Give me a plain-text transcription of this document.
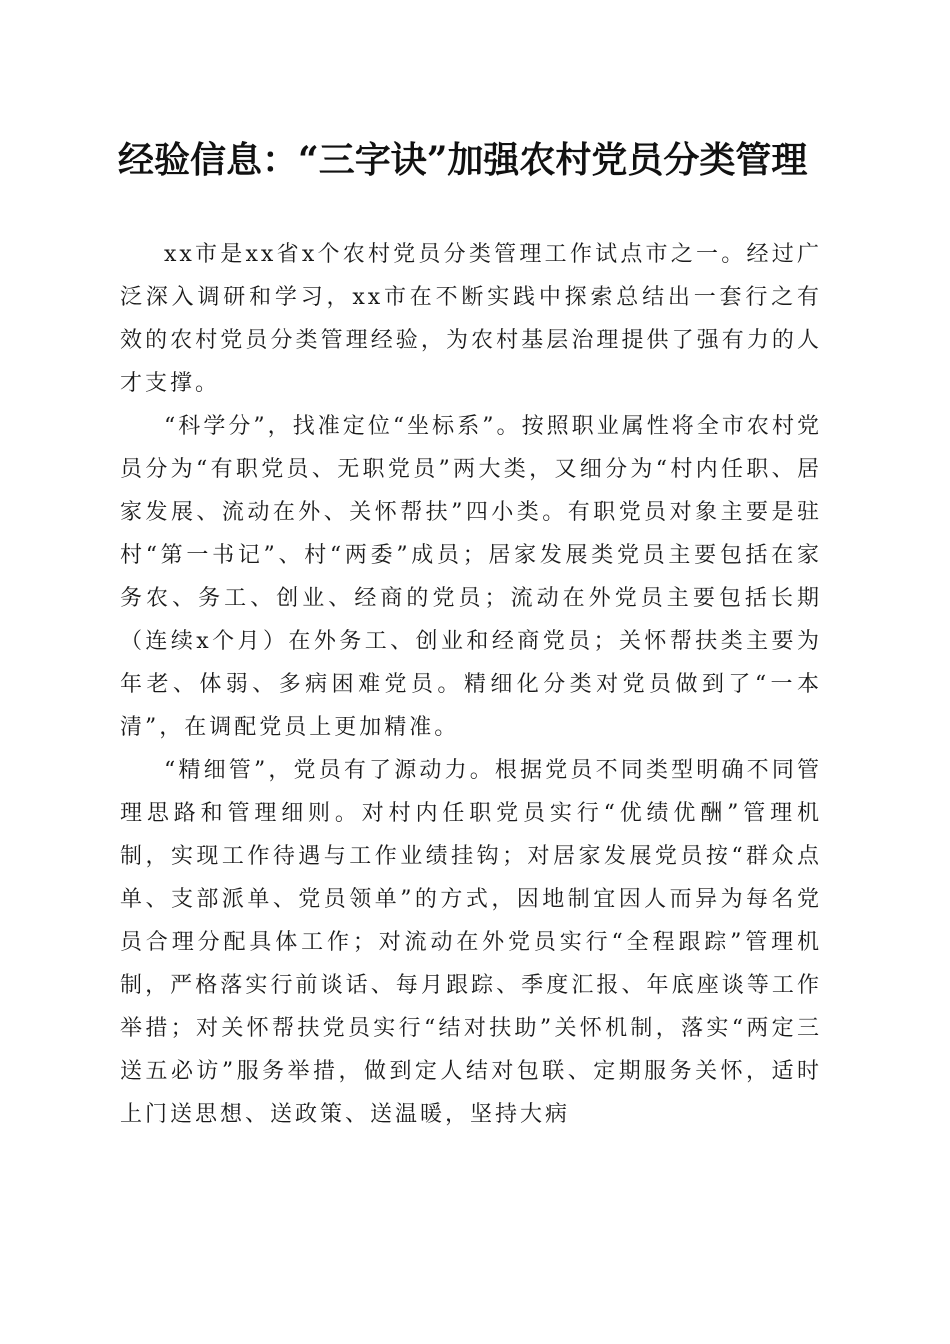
经验信息：“三字诀”加强农村党员分类管理

xx市是xx省x个农村党员分类管理工作试点市之一。经过广泛深入调研和学习，xx市在不断实践中探索总结出一套行之有效的农村党员分类管理经验，为农村基层治理提供了强有力的人才支撑。

“科学分”，找准定位“坐标系”。按照职业属性将全市农村党员分为“有职党员、无职党员”两大类，又细分为“村内任职、居家发展、流动在外、关怀帮扶”四小类。有职党员对象主要是驻村“第一书记”、村“两委”成员；居家发展类党员主要包括在家务农、务工、创业、经商的党员；流动在外党员主要包括长期（连续x个月）在外务工、创业和经商党员；关怀帮扶类主要为年老、体弱、多病困难党员。精细化分类对党员做到了“一本清”，在调配党员上更加精准。

“精细管”，党员有了源动力。根据党员不同类型明确不同管理思路和管理细则。对村内任职党员实行“优绩优酬”管理机制，实现工作待遇与工作业绩挂钩；对居家发展党员按“群众点单、支部派单、党员领单”的方式，因地制宜因人而异为每名党员合理分配具体工作；对流动在外党员实行“全程跟踪”管理机制，严格落实行前谈话、每月跟踪、季度汇报、年底座谈等工作举措；对关怀帮扶党员实行“结对扶助”关怀机制，落实“两定三送五必访”服务举措，做到定人结对包联、定期服务关怀，适时上门送思想、送政策、送温暖，坚持大病
